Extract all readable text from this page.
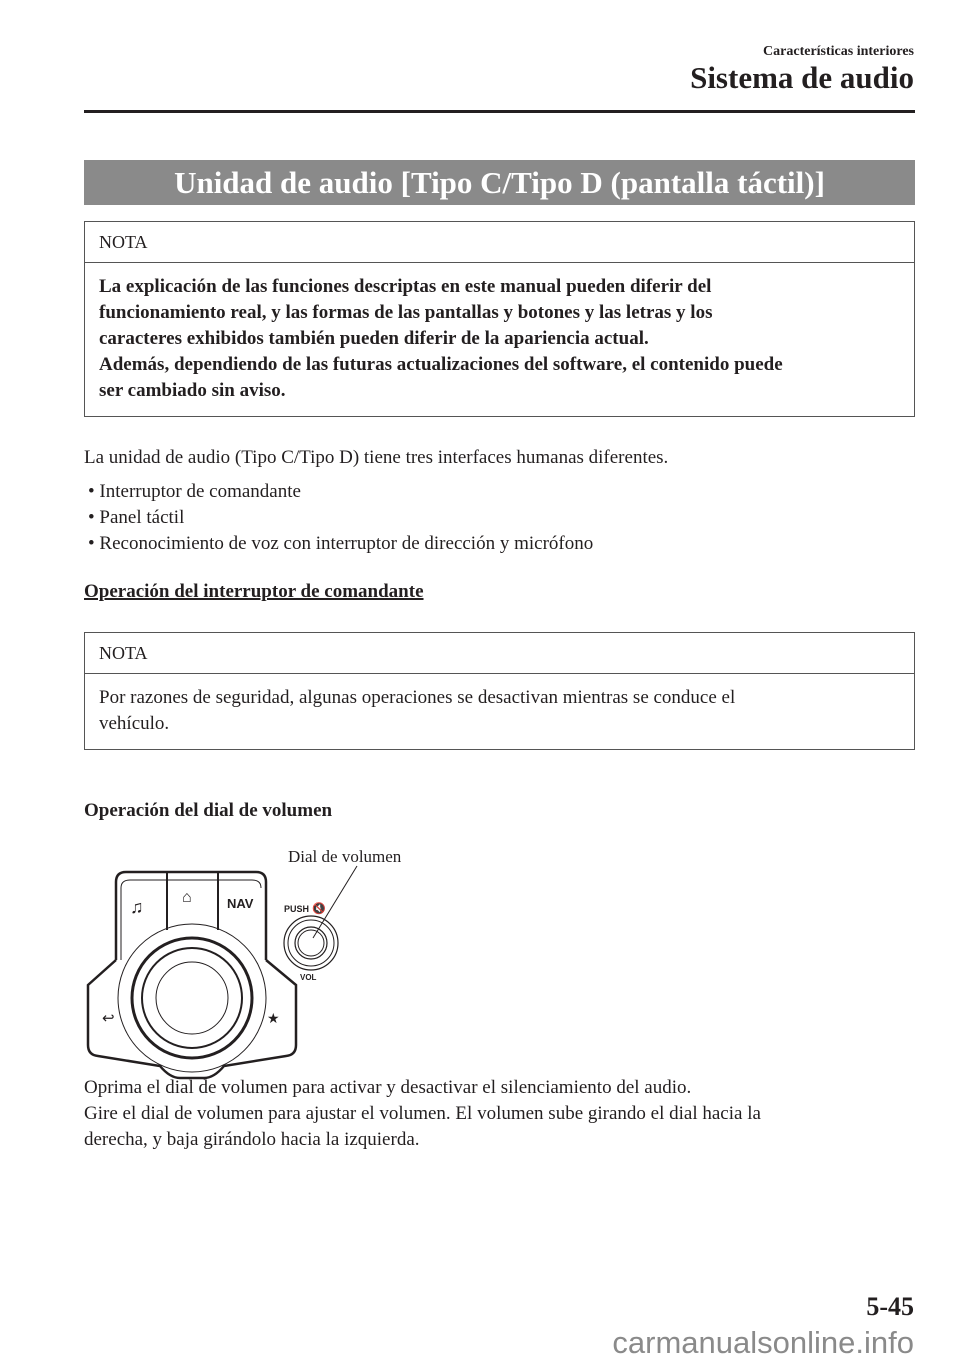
Características interiores
Sistema de audio
Unidad de audio [Tipo C/Tipo D (pantalla táctil)]
NOTA
La explicación de las funciones descriptas en este manual pueden diferir del
funcionamiento real, y las formas de las pantallas y botones y las letras y los
caracteres exhibidos también pueden diferir de la apariencia actual.
Además, dependiendo de las futuras actualizaciones del software, el contenido puede
ser cambiado sin aviso.
La unidad de audio (Tipo C/Tipo D) tiene tres interfaces humanas diferentes.
• Interruptor de comandante
• Panel táctil
• Reconocimiento de voz con interruptor de dirección y micrófono
Operación del interruptor de comandante
NOTA
Por razones de seguridad, algunas operaciones se desactivan mientras se conduce el
vehículo.
Operación del dial de volumen
Dial de volumen
♫ ⌂	NAV
↩	★
PUSH 🔇
VOL
Oprima el dial de volumen para activar y desactivar el silenciamiento del audio.
Gire el dial de volumen para ajustar el volumen. El volumen sube girando el dial hacia la
derecha, y baja girándolo hacia la izquierda.
5-45
carmanualsonline.info
